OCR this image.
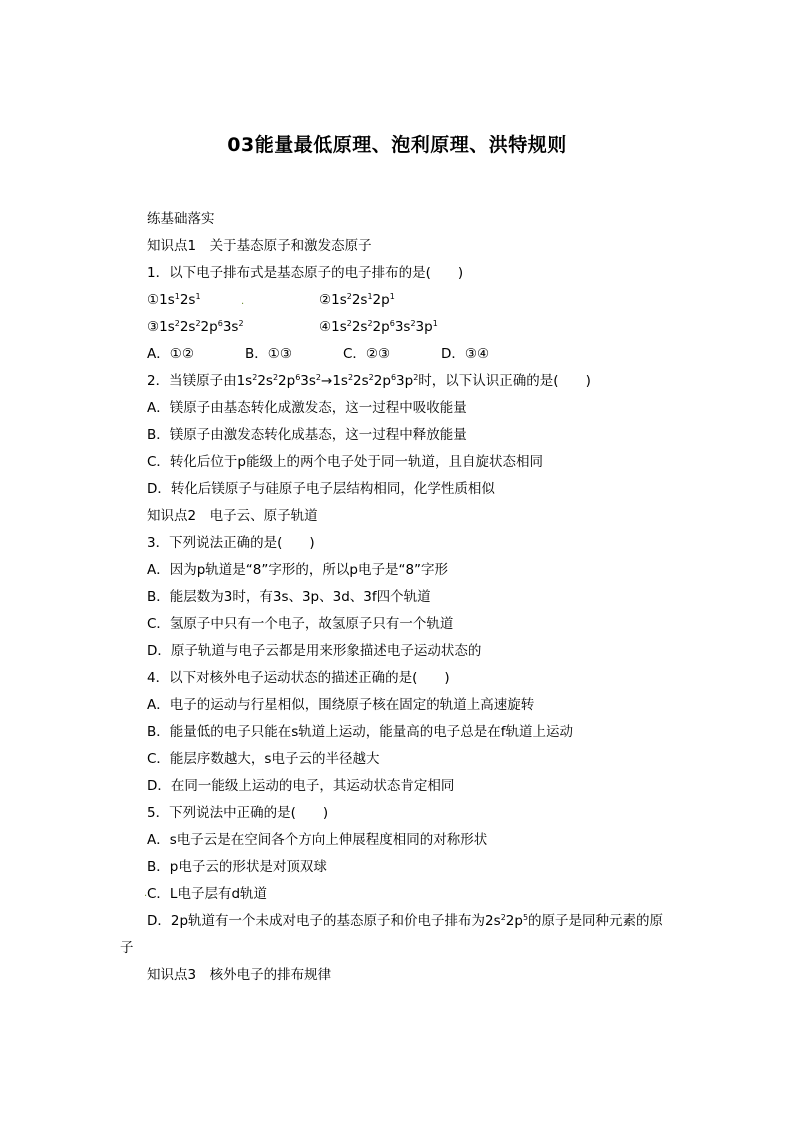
03能量最低原理、泡利原理、洪特规则
练基础落实
知识点1　关于基态原子和激发态原子
1．以下电子排布式是基态原子的电子排布的是(　　)
$①1s^12s^1$	.	$②1s^22s^12p^1$
$③1s^22s^22p^63s^2$	$④1s^22s^22p^63s^23p^1$
A．①②	B．①③	C．②③	D．③④
2．当镁原子由$1s^22s^22p^63s^2\to 1s^22s^22p^63p^2$时，以下认识正确的是(　　)
A．镁原子由基态转化成激发态，这一过程中吸收能量
B．镁原子由激发态转化成基态，这一过程中释放能量
C．转化后位于p能级上的两个电子处于同一轨道，且自旋状态相同
D．转化后镁原子与硅原子电子层结构相同，化学性质相似
知识点2　电子云、原子轨道
3．下列说法正确的是(　　)
A．因为p轨道是“8”字形的，所以p电子是“8”字形
B．能层数为3时，有3s、3p、3d、3f四个轨道
C．氢原子中只有一个电子，故氢原子只有一个轨道
D．原子轨道与电子云都是用来形象描述电子运动状态的
4．以下对核外电子运动状态的描述正确的是(　　)
A．电子的运动与行星相似，围绕原子核在固定的轨道上高速旋转
B．能量低的电子只能在s轨道上运动，能量高的电子总是在f轨道上运动
C．能层序数越大，s电子云的半径越大
D．在同一能级上运动的电子，其运动状态肯定相同
5．下列说法中正确的是(　　)
A．s电子云是在空间各个方向上伸展程度相同的对称形状
B．p电子云的形状是对顶双球
. C．L电子层有d轨道
D．2p轨道有一个未成对电子的基态原子和价电子排布为$2s^22p^5$的原子是同种元素的原
子
知识点3　核外电子的排布规律
